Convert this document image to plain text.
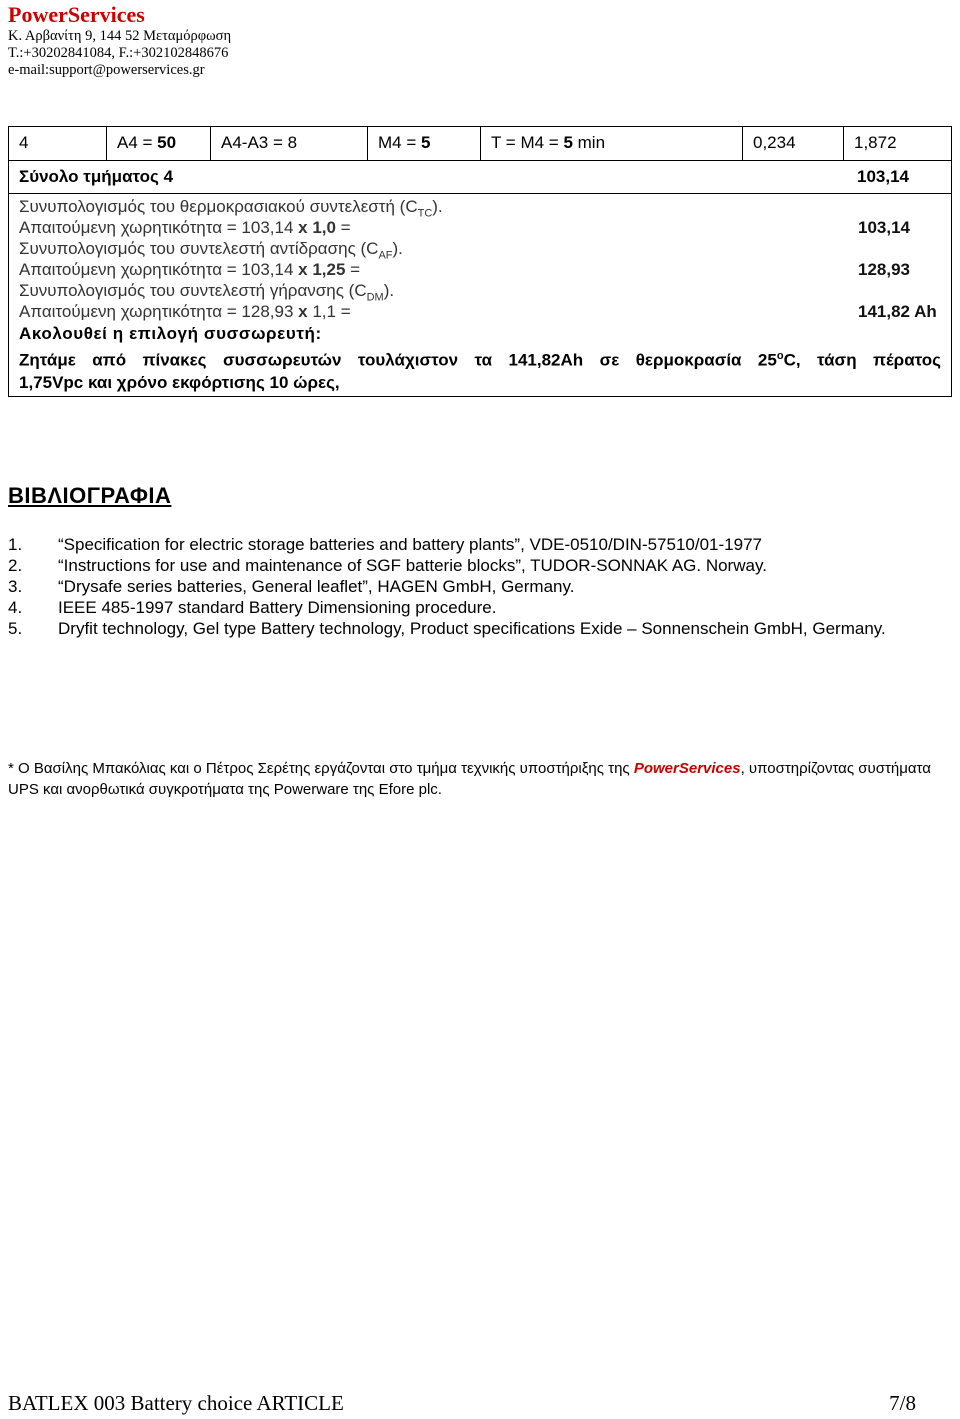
PowerServices
Κ. Αρβανίτη 9, 144 52 Μεταμόρφωση
Τ.:+302028410​84, F.:+302102848676
e-mail:support@powerservices.gr
4	A4 = 50	A4-A3 = 8	M4 = 5	T = M4 = 5 min	0,234	1,872
Σύνολο τμήματος 4	103,14
Συνυπολογισμός του θερμοκρασιακού συντελεστή $(C_{TC})$.
Απαιτούμενη χωρητικότητα = 103,14 x 1,0 =	103,14
Συνυπολογισμός του συντελεστή αντίδρασης $(C_{AF})$.
Απαιτούμενη χωρητικότητα = 103,14 x 1,25 =	128,93
Συνυπολογισμός του συντελεστή γήρανσης $(C_{DM})$.
Απαιτούμενη χωρητικότητα = 128,93 x 1,1 =	141,82 Ah
Ακολουθεί η επιλογή συσσωρευτή:
Ζητάμε από πίνακες συσσωρευτών τουλάχιστον τα 141,82Ah σε θερμοκρασία 25$^o$C, τάση πέρατος
1,75Vpc και χρόνο εκφόρτισης 10 ώρες,
ΒΙΒΛΙΟΓΡΑΦΙΑ
1.	“Specification for electric storage batteries and battery plants”, VDE-0510/DIN-57510/01-1977
2.	“Instructions for use and maintenance of SGF batterie blocks”, TUDOR-SONNAK AG. Norway.
3.	“Drysafe series batteries, General leaflet”, HAGEN GmbH, Germany.
4.	IEEE 485-1997 standard Battery Dimensioning procedure.
5.	Dryfit technology, Gel type Battery technology, Product specifications Exide – Sonnenschein GmbH, Germany.
* Ο Βασίλης Μπακόλιας και ο Πέτρος Σερέτης εργάζονται στο τμήμα τεχνικής υποστήριξης της PowerServices, υποστηρίζοντας συστήματα UPS και ανορθωτικά συγκροτήματα της Powerware της Efore plc.
BATLEX 003 Battery choice ARTICLE	7/8
